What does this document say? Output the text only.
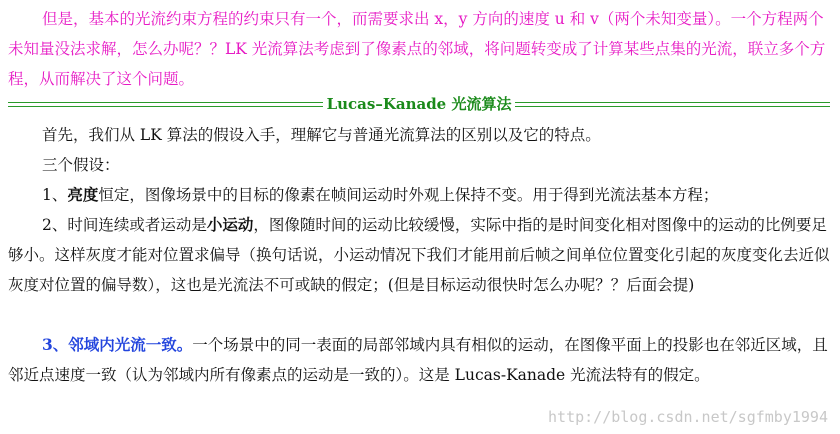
但是，基本的光流约束方程的约束只有一个，而需要求出 x，y 方向的速度 u 和 v（两个未知变量）。一个方程两个未知量没法求解，怎么办呢？？LK 光流算法考虑到了像素点的邻域，将问题转变成了计算某些点集的光流，联立多个方程，从而解决了这个问题。

Lucas–Kanade 光流算法

首先，我们从 LK 算法的假设入手，理解它与普通光流算法的区别以及它的特点。

三个假设：

1、亮度恒定，图像场景中的目标的像素在帧间运动时外观上保持不变。用于得到光流法基本方程；

2、时间连续或者运动是小运动，图像随时间的运动比较缓慢，实际中指的是时间变化相对图像中的运动的比例要足够小。这样灰度才能对位置求偏导（换句话说，小运动情况下我们才能用前后帧之间单位位置变化引起的灰度变化去近似灰度对位置的偏导数），这也是光流法不可或缺的假定；(但是目标运动很快时怎么办呢？？后面会提)

3、邻域内光流一致。一个场景中的同一表面的局部邻域内具有相似的运动，在图像平面上的投影也在邻近区域，且邻近点速度一致（认为邻域内所有像素点的运动是一致的）。这是 Lucas-Kanade 光流法特有的假定。

http://blog.csdn.net/sgfmby1994
